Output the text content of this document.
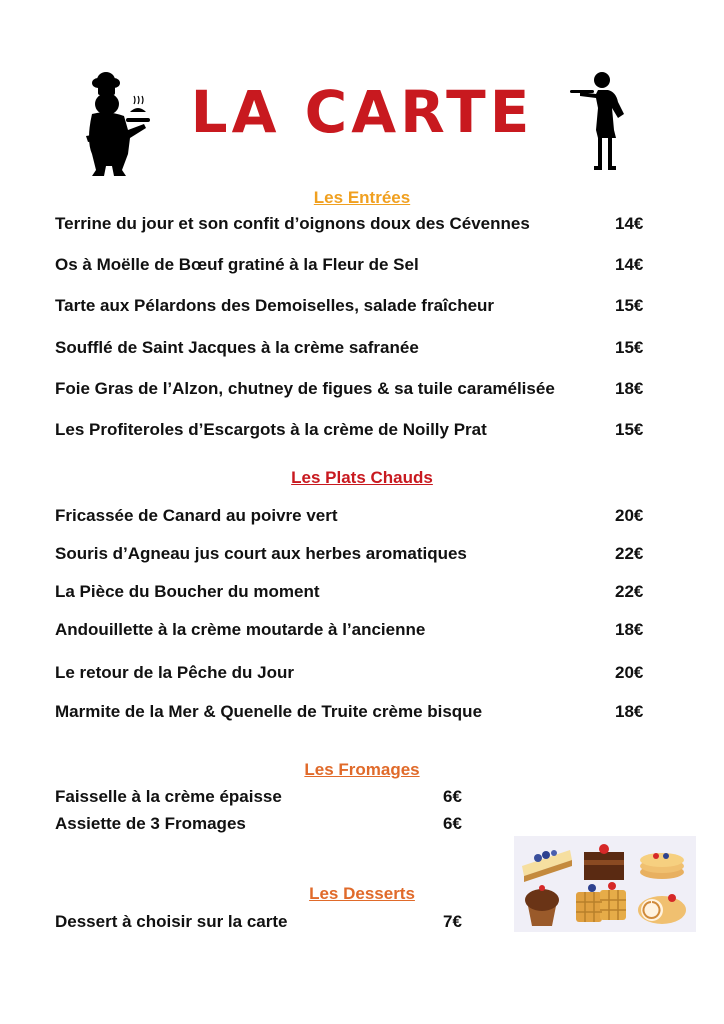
LA CARTE
Les Entrées
Terrine du jour et son confit d’oignons doux des Cévennes	14€
Os à Moëlle de Bœuf gratiné à la Fleur de Sel	14€
Tarte aux Pélardons des Demoiselles, salade fraîcheur	15€
Soufflé de Saint Jacques à la crème safranée	15€
Foie Gras de l’Alzon, chutney de figues & sa tuile caramélisée	18€
Les Profiteroles d’Escargots à la crème de Noilly Prat	15€
Les Plats Chauds
Fricassée de Canard au poivre vert	20€
Souris d’Agneau jus court aux herbes aromatiques	22€
La Pièce du Boucher du moment	22€
Andouillette à la crème moutarde à l’ancienne	18€
Le retour de la Pêche du Jour	20€
Marmite de la Mer & Quenelle de Truite crème bisque	18€
Les Fromages
Faisselle à la crème épaisse	6€
Assiette de 3 Fromages	6€
Les Desserts
Dessert à choisir sur la carte	7€
